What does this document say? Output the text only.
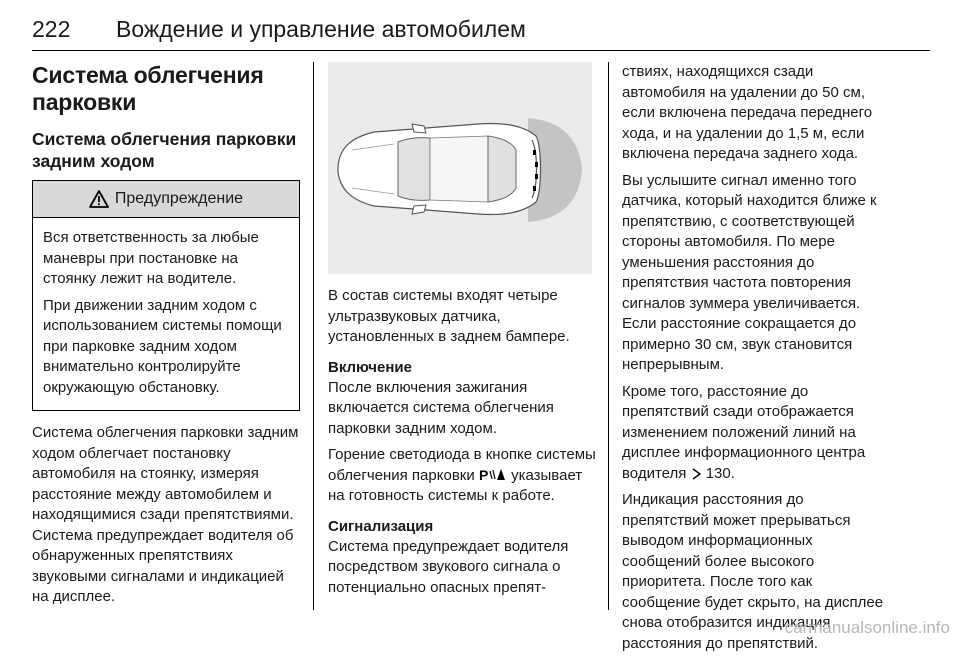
222 Вождение и управление автомобилем
Система облегчения парковки
Система облегчения парковки задним ходом
Предупреждение

Вся ответственность за любые маневры при постановке на стоянку лежит на водителе.

При движении задним ходом с использованием системы помощи при парковке задним ходом внимательно контролируйте окружающую обстановку.

Система облегчения парковки задним ходом облегчает постановку автомобиля на стоянку, измеряя расстояние между автомобилем и находящимися сзади препятствиями. Система предупреждает водителя об обнаруженных препятствиях звуковыми сигналами и индикацией на дисплее.

В состав системы входят четыре ультразвуковых датчика, установленных в заднем бампере.

Включение

После включения зажигания включается система облегчения парковки задним ходом.

Горение светодиода в кнопке системы облегчения парковки P указывает на готовность системы к работе.

Сигнализация

Система предупреждает водителя посредством звукового сигнала о потенциально опасных препят-

ствиях, находящихся сзади автомобиля на удалении до 50 см, если включена передача переднего хода, и на удалении до 1,5 м, если включена передача заднего хода.

Вы услышите сигнал именно того датчика, который находится ближе к препятствию, с соответствующей стороны автомобиля. По мере уменьшения расстояния до препятствия частота повторения сигналов зуммера увеличивается. Если расстояние сокращается до примерно 30 см, звук становится непрерывным.

Кроме того, расстояние до препятствий сзади отображается изменением положений линий на дисплее информационного центра водителя  130.

Индикация расстояния до препятствий может прерываться выводом информационных сообщений более высокого приоритета. После того как сообщение будет скрыто, на дисплее снова отобразится индикация расстояния до препятствий.

carmanualsonline.info
